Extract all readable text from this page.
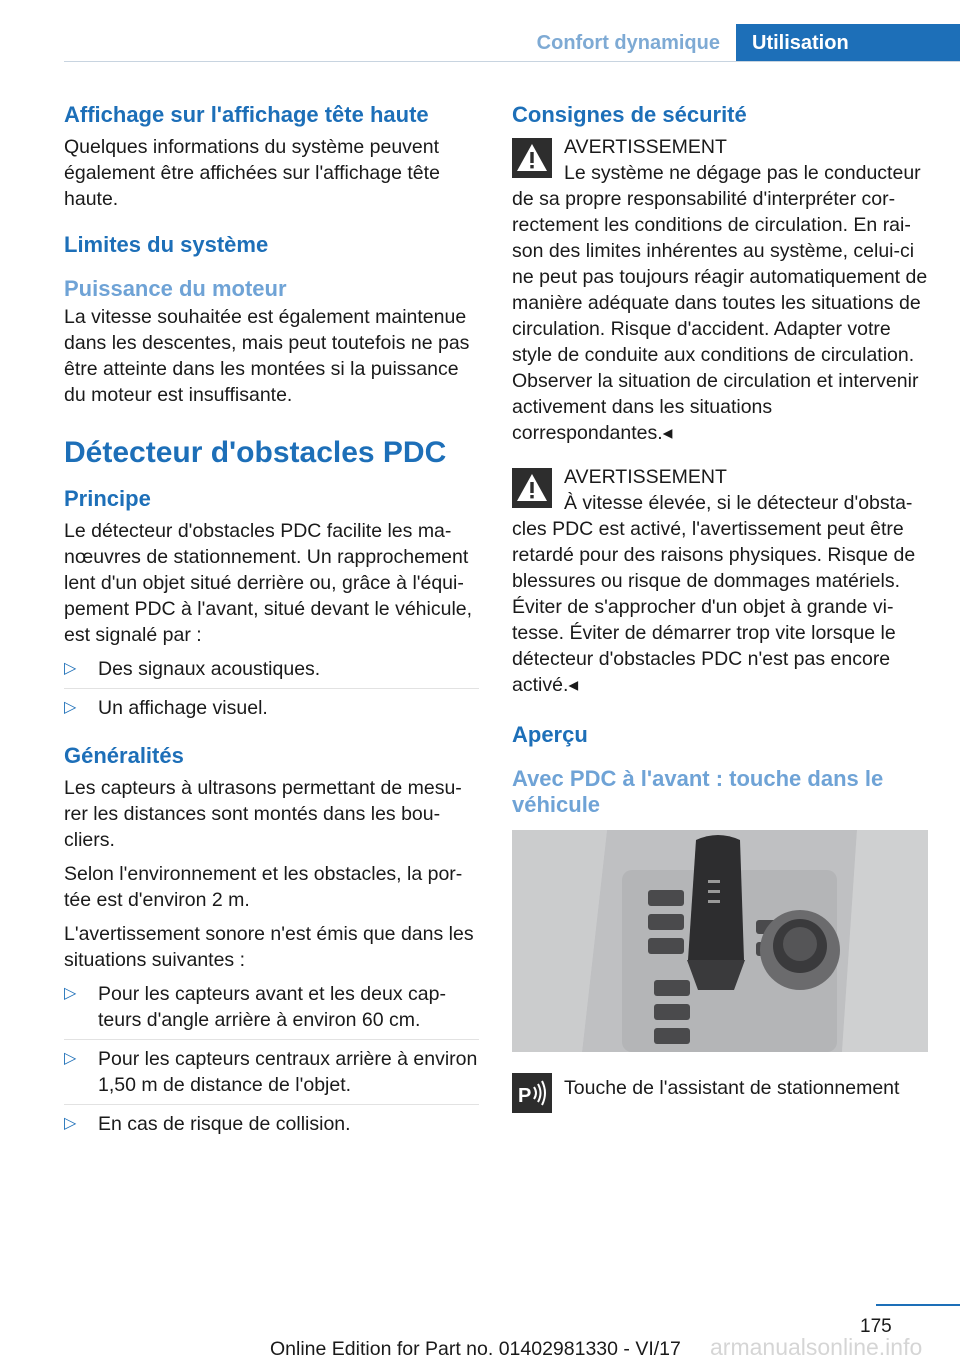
Confort dynamique	Utilisation
Affichage sur l'affichage tête haute

Quelques informations du système peuvent également être affichées sur l'affichage tête haute.

Limites du système
Puissance du moteur

La vitesse souhaitée est également maintenue dans les descentes, mais peut toutefois ne pas être atteinte dans les montées si la puissance du moteur est insuffisante.

Détecteur d'obstacles PDC
Principe

Le détecteur d'obstacles PDC facilite les manœuvres de stationnement. Un rapprochement lent d'un objet situé derrière ou, grâce à l'équipement PDC à l'avant, situé devant le véhicule, est signalé par :

▷ Des signaux acoustiques.
▷ Un affichage visuel.
Généralités

Les capteurs à ultrasons permettant de mesurer les distances sont montés dans les boucliers.

Selon l'environnement et les obstacles, la portée est d'environ 2 m.

L'avertissement sonore n'est émis que dans les situations suivantes :

▷ Pour les capteurs avant et les deux capteurs d'angle arrière à environ 60 cm.
▷ Pour les capteurs centraux arrière à environ 1,50 m de distance de l'objet.
▷ En cas de risque de collision.
Consignes de sécurité
AVERTISSEMENT
Le système ne dégage pas le conducteur de sa propre responsabilité d'interpréter correctement les conditions de circulation. En raison des limites inhérentes au système, celui-ci ne peut pas toujours réagir automatiquement de manière adéquate dans toutes les situations de circulation. Risque d'accident. Adapter votre style de conduite aux conditions de circulation. Observer la situation de circulation et intervenir activement dans les situations correspondantes.◂
AVERTISSEMENT
À vitesse élevée, si le détecteur d'obstacles PDC est activé, l'avertissement peut être retardé pour des raisons physiques. Risque de blessures ou risque de dommages matériels. Éviter de s'approcher d'un objet à grande vitesse. Éviter de démarrer trop vite lorsque le détecteur d'obstacles PDC n'est pas encore activé.◂
Aperçu
Avec PDC à l'avant : touche dans le véhicule
P Touche de l'assistant de stationnement
175
Online Edition for Part no. 01402981330 - VI/17 armanualsonline.info
